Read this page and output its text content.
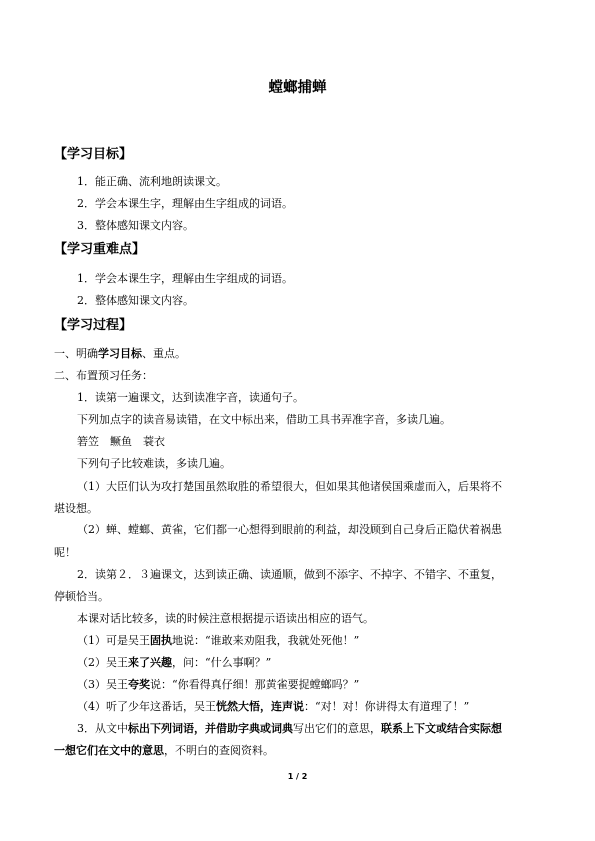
螳螂捕蝉
【学习目标】
1．能正确、流利地朗读课文。
2．学会本课生字，理解由生字组成的词语。
3．整体感知课文内容。
【学习重难点】
1．学会本课生字，理解由生字组成的词语。
2．整体感知课文内容。
【学习过程】
一、明确学习目标、重点。
二、布置预习任务：
1．读第一遍课文，达到读准字音，读通句子。
下列加点字的读音易读错，在文中标出来，借助工具书弄准字音，多读几遍。
箬笠　鳜鱼　蓑衣
下列句子比较难读，多读几遍。
（1）大臣们认为攻打楚国虽然取胜的希望很大，但如果其他诸侯国乘虚而入，后果将不
堪设想。
（2）蝉、螳螂、黄雀，它们都一心想得到眼前的利益，却没顾到自己身后正隐伏着祸患
呢！
2．读第２．３遍课文，达到读正确、读通顺，做到不添字、不掉字、不错字、不重复，
停顿恰当。
本课对话比较多，读的时候注意根据提示语读出相应的语气。
（1）可是吴王固执地说：“谁敢来劝阻我，我就处死他！”
（2）吴王来了兴趣，问：“什么事啊？”
（3）吴王夸奖说：“你看得真仔细！那黄雀要捉螳螂吗？”
（4）听了少年这番话，吴王恍然大悟，连声说：“对！对！你讲得太有道理了！”
3．从文中标出下列词语，并借助字典或词典写出它们的意思，联系上下文或结合实际想
一想它们在文中的意思，不明白的查阅资料。
1 / 2
